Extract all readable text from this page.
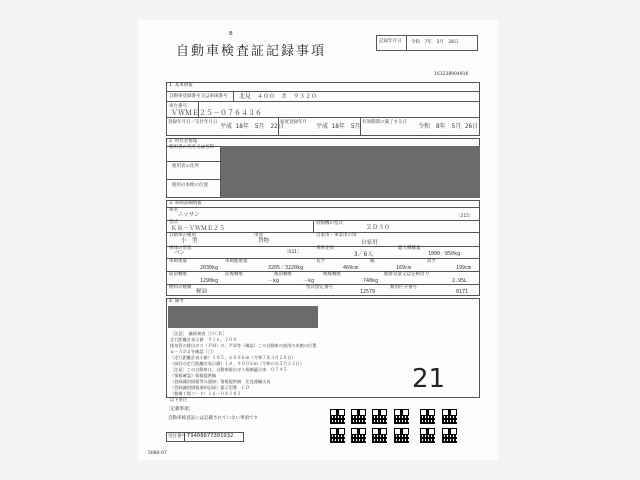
B
自動車検査証記録事項
記録年月日 令和　7年　3月　28日
161238904916
1. 基本情報
自動車登録番号又は車両番号 北見　４００　さ　９３２０
車台番号
ＶＷＭＥ２５－０７６４３６
登録年月日／交付年月日
平成 18年　5月　22日
初度登録年月
平成 18年　5月
有効期間の満了する日
令和　8年　5月 26日
2. 所有者情報
使用者の氏名又は名称
使用者の住所
使用の本拠の位置
3. 車両詳細情報
車名
ニッサン	［215］
型式
ＫＲ－ＶＷＭＥ２５
原動機の型式
ＺＤ３０
自動車の種別
小　型
用途
貨物
自家用・事業用の別
自家用
車体の形状
バン	［021］
乗車定員
3／6人
最大積載量
1000／850kg
車両重量
2030kg
車両総重量
3205／3220kg
長さ
469cm
幅
169cm
高さ
199cm
前前軸重
1290kg
前後軸重
－kg
後前軸重
－kg
後後軸重
740kg
総排気量又は定格出力
2.95L
燃料の種類
軽油
型式指定番号
12579
類別区分番号
0171
4. 備考
［注意］　継続検査［ＯＣＲ］
走行距離計表示値　９１６，２００
排気管の排出ガス（ＰＭ）の、ＰＭ等（確認）この自動車の使用の本拠の位置
ｕ－ＡＤ＃を確認（〇）
（走行距離計表示値）１０５，６００ｋｍ（令和７年３月２８日）
（前回の走行距離計表示値）１８，９００ｋｍ（令和６年５月２２日）
［注意］この自動車は、自動車排出ガス規制適合車　０７４５
（情報確認）情報提供無
（登録識別情報等の通知）情報提供無　北見運輸支局
（登録識別情報通知記録）提示型番　ＣＤ
（整備工場コード）１６－０８２８３
以下余白
21
［記載事項］
自動車検査証には記載されていない事項です
受付番号 T9408877301932
5080-07
